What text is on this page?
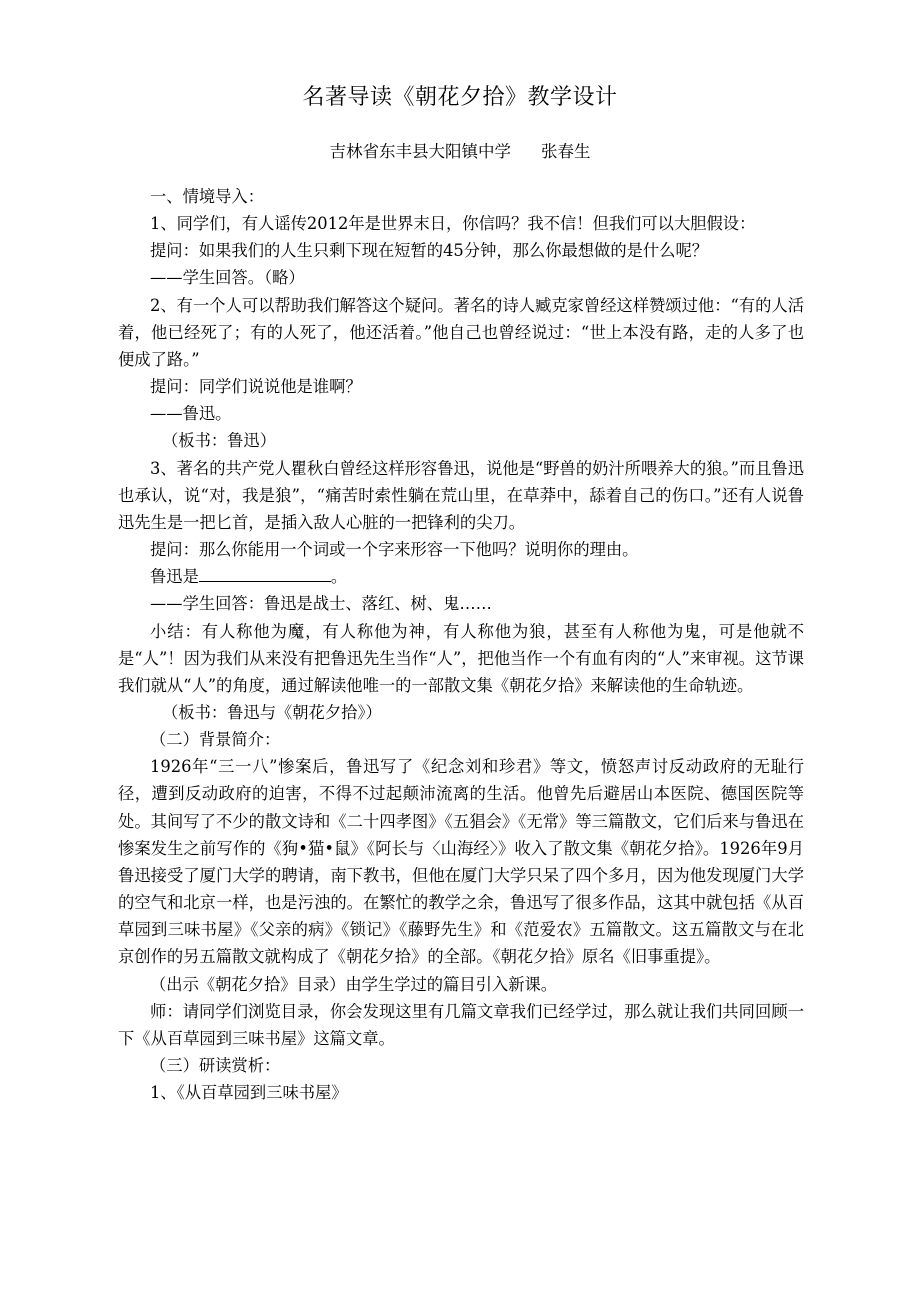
名著导读《朝花夕拾》教学设计
吉林省东丰县大阳镇中学 张春生

一、情境导入：

1、同学们，有人谣传2012年是世界末日，你信吗？我不信！但我们可以大胆假设：

提问：如果我们的人生只剩下现在短暂的45分钟，那么你最想做的是什么呢？

——学生回答。（略）

2、有一个人可以帮助我们解答这个疑问。著名的诗人臧克家曾经这样赞颂过他：“有的人活着，他已经死了；有的人死了，他还活着。”他自己也曾经说过：“世上本没有路，走的人多了也便成了路。”

提问：同学们说说他是谁啊？

——鲁迅。

（板书：鲁迅）

3、著名的共产党人瞿秋白曾经这样形容鲁迅，说他是“野兽的奶汁所喂养大的狼。”而且鲁迅也承认，说“对，我是狼”，“痛苦时索性躺在荒山里，在草莽中，舔着自己的伤口。”还有人说鲁迅先生是一把匕首，是插入敌人心脏的一把锋利的尖刀。

提问：那么你能用一个词或一个字来形容一下他吗？说明你的理由。

鲁迅是	。

——学生回答：鲁迅是战士、落红、树、鬼……

小结：有人称他为魔，有人称他为神，有人称他为狼，甚至有人称他为鬼，可是他就不是“人”！因为我们从来没有把鲁迅先生当作“人”，把他当作一个有血有肉的“人”来审视。这节课我们就从“人”的角度，通过解读他唯一的一部散文集《朝花夕拾》来解读他的生命轨迹。

（板书：鲁迅与《朝花夕拾》）

（二）背景简介：

1926年“三一八”惨案后，鲁迅写了《纪念刘和珍君》等文，愤怒声讨反动政府的无耻行径，遭到反动政府的迫害，不得不过起颠沛流离的生活。他曾先后避居山本医院、德国医院等处。其间写了不少的散文诗和《二十四孝图》《五猖会》《无常》等三篇散文，它们后来与鲁迅在惨案发生之前写作的《狗•猫•鼠》《阿长与〈山海经〉》收入了散文集《朝花夕拾》。1926年9月鲁迅接受了厦门大学的聘请，南下教书，但他在厦门大学只呆了四个多月，因为他发现厦门大学的空气和北京一样，也是污浊的。在繁忙的教学之余，鲁迅写了很多作品，这其中就包括《从百草园到三味书屋》《父亲的病》《锁记》《藤野先生》和《范爱农》五篇散文。这五篇散文与在北京创作的另五篇散文就构成了《朝花夕拾》的全部。《朝花夕拾》原名《旧事重提》。

（出示《朝花夕拾》目录）由学生学过的篇目引入新课。

师：请同学们浏览目录，你会发现这里有几篇文章我们已经学过，那么就让我们共同回顾一下《从百草园到三味书屋》这篇文章。

（三）研读赏析：

1、《从百草园到三味书屋》
